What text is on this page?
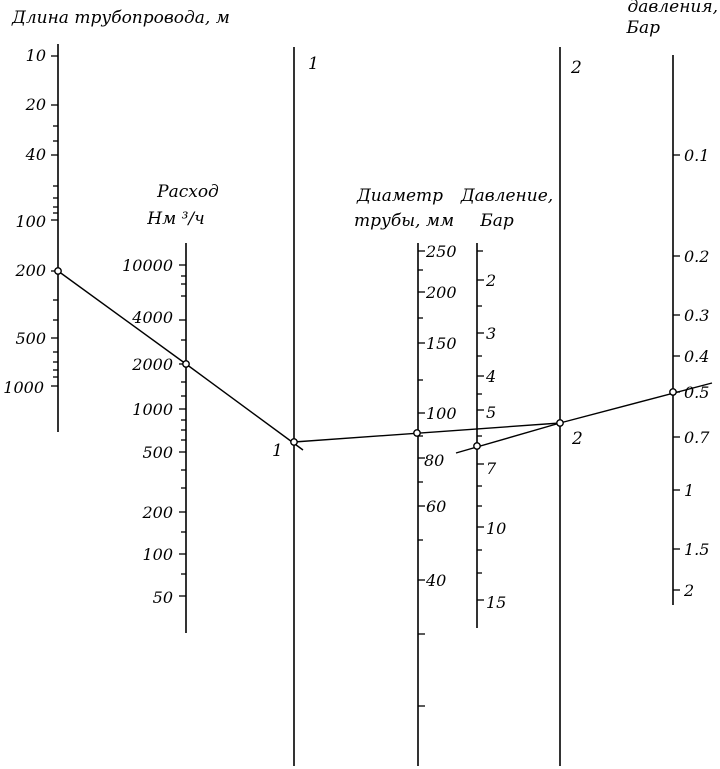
Длина трубопровода, м
Расход
Нм ³/ч
Диаметр
трубы, мм
Давление,
Бар
давления,
Бар
1	2
1
2
10
20
40
100
200
500
1000
10000
4000
2000
1000
500
200
100
50
250
200
150
100
80
60
40
2
3
4
5
7
10
15
0.1
0.2
0.3
0.4
0.5
0.7
1
1.5
2
